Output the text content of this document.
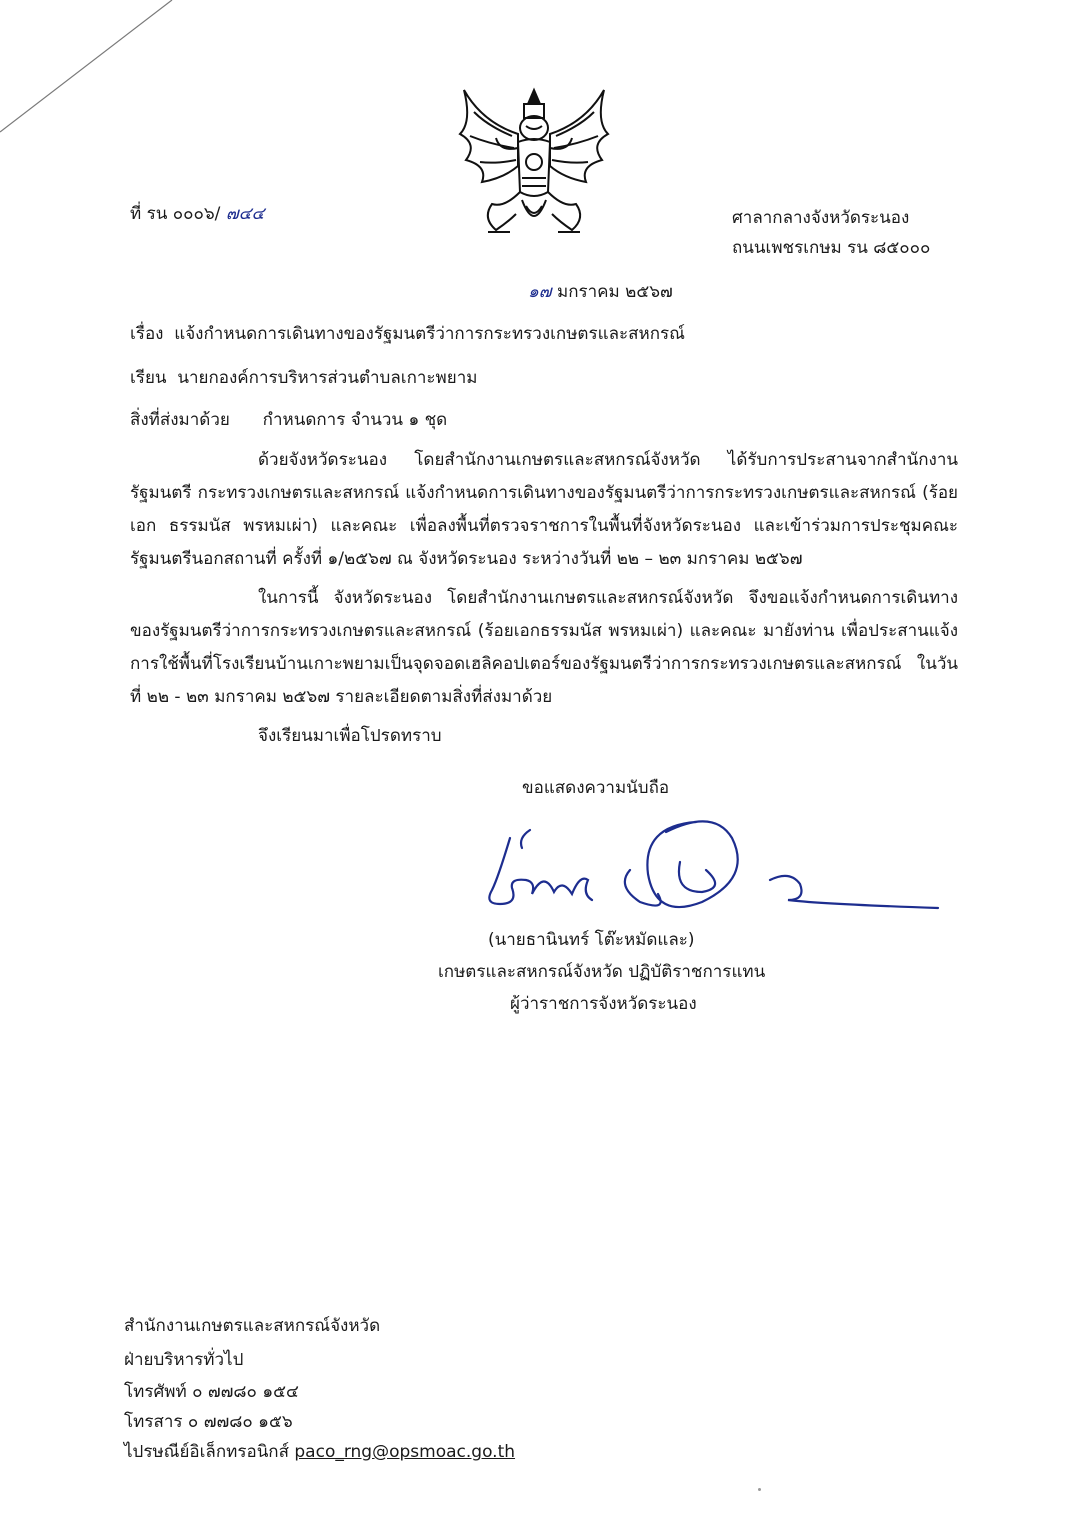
ที่ รน ๐๐๐๖/ ๗๔๔	ศาลากลางจังหวัดระนอง
ถนนเพชรเกษม รน ๘๕๐๐๐
๑๗ มกราคม ๒๕๖๗
เรื่อง แจ้งกำหนดการเดินทางของรัฐมนตรีว่าการกระทรวงเกษตรและสหกรณ์
เรียน นายกองค์การบริหารส่วนตำบลเกาะพยาม
สิ่งที่ส่งมาด้วย กำหนดการ จำนวน ๑ ชุด
ด้วยจังหวัดระนอง โดยสำนักงานเกษตรและสหกรณ์จังหวัด ได้รับการประสานจากสำนักงานรัฐมนตรี กระทรวงเกษตรและสหกรณ์ แจ้งกำหนดการเดินทางของรัฐมนตรีว่าการกระทรวงเกษตรและสหกรณ์ (ร้อยเอก ธรรมนัส พรหมเผ่า) และคณะ เพื่อลงพื้นที่ตรวจราชการในพื้นที่จังหวัดระนอง และเข้าร่วมการประชุมคณะรัฐมนตรีนอกสถานที่ ครั้งที่ ๑/๒๕๖๗ ณ จังหวัดระนอง ระหว่างวันที่ ๒๒ – ๒๓ มกราคม ๒๕๖๗
ในการนี้ จังหวัดระนอง โดยสำนักงานเกษตรและสหกรณ์จังหวัด จึงขอแจ้งกำหนดการเดินทางของรัฐมนตรีว่าการกระทรวงเกษตรและสหกรณ์ (ร้อยเอกธรรมนัส พรหมเผ่า) และคณะ มายังท่าน เพื่อประสานแจ้งการใช้พื้นที่โรงเรียนบ้านเกาะพยามเป็นจุดจอดเฮลิคอปเตอร์ของรัฐมนตรีว่าการกระทรวงเกษตรและสหกรณ์ ในวันที่ ๒๒ - ๒๓ มกราคม ๒๕๖๗ รายละเอียดตามสิ่งที่ส่งมาด้วย
จึงเรียนมาเพื่อโปรดทราบ
ขอแสดงความนับถือ
(นายธานินทร์ โต๊ะหมัดและ)
เกษตรและสหกรณ์จังหวัด ปฏิบัติราชการแทน
ผู้ว่าราชการจังหวัดระนอง
สำนักงานเกษตรและสหกรณ์จังหวัด
ฝ่ายบริหารทั่วไป
โทรศัพท์ ๐ ๗๗๘๐ ๑๕๔
โทรสาร ๐ ๗๗๘๐ ๑๕๖
ไปรษณีย์อิเล็กทรอนิกส์ paco_rng@opsmoac.go.th
